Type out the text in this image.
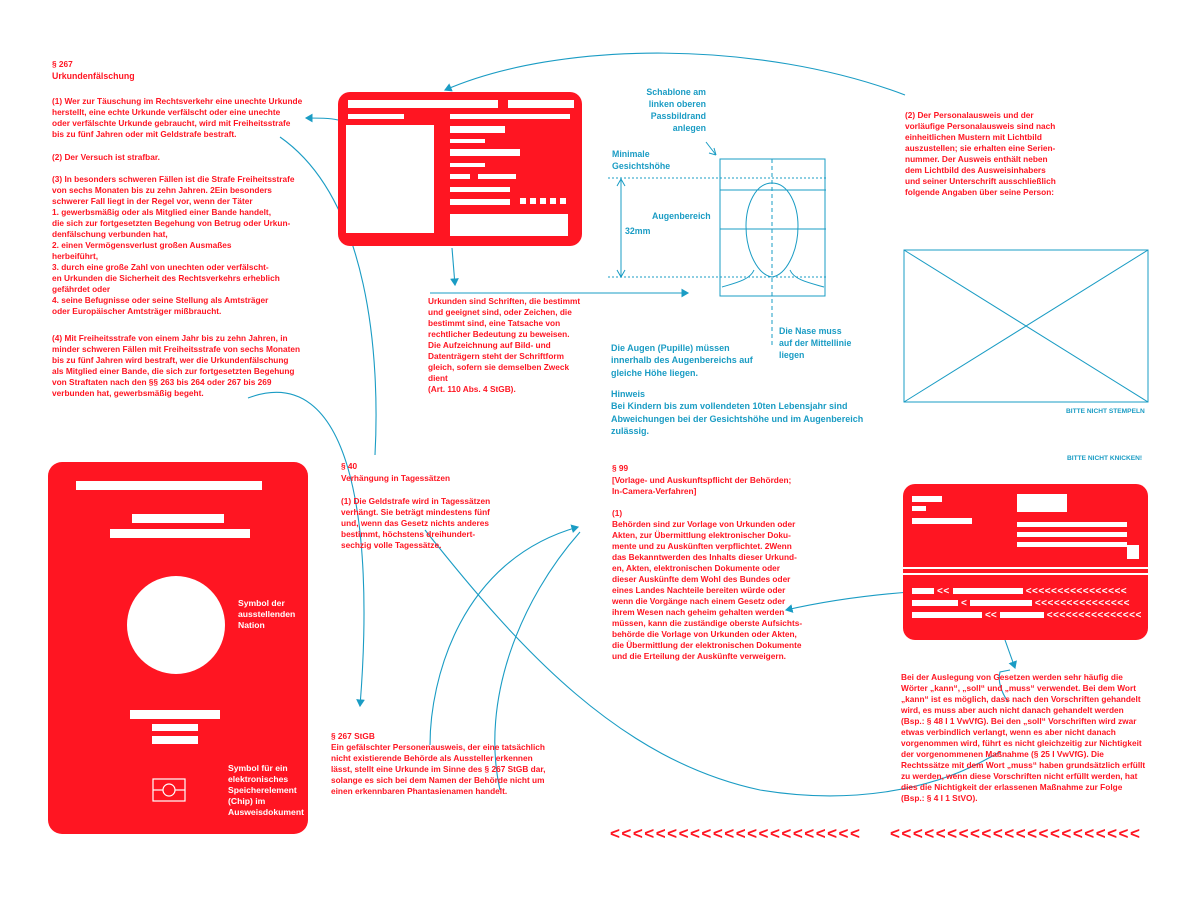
§ 267
Urkundenfälschung
(1) Wer zur Täuschung im Rechtsverkehr eine unechte Urkunde
herstellt, eine echte Urkunde verfälscht oder eine unechte
oder verfälschte Urkunde gebraucht, wird mit Freiheitsstrafe
bis zu fünf Jahren oder mit Geldstrafe bestraft.
(2) Der Versuch ist strafbar.
(3) In besonders schweren Fällen ist die Strafe Freiheitsstrafe
von sechs Monaten bis zu zehn Jahren. 2Ein besonders
schwerer Fall liegt in der Regel vor, wenn der Täter
1. gewerbsmäßig oder als Mitglied einer Bande handelt,
die sich zur fortgesetzten Begehung von Betrug oder Urkun-
denfälschung verbunden hat,
2. einen Vermögensverlust großen Ausmaßes
herbeiführt,
3. durch eine große Zahl von unechten oder verfälscht-
en Urkunden die Sicherheit des Rechtsverkehrs erheblich
gefährdet oder
4. seine Befugnisse oder seine Stellung als Amtsträger
oder Europäischer Amtsträger mißbraucht.
(4) Mit Freiheitsstrafe von einem Jahr bis zu zehn Jahren, in
minder schweren Fällen mit Freiheitsstrafe von sechs Monaten
bis zu fünf Jahren wird bestraft, wer die Urkundenfälschung
als Mitglied einer Bande, die sich zur fortgesetzten Begehung
von Straftaten nach den §§ 263 bis 264 oder 267 bis 269
verbunden hat, gewerbsmäßig begeht.
Urkunden sind Schriften, die bestimmt
und geeignet sind, oder Zeichen, die
bestimmt sind, eine Tatsache von
rechtlicher Bedeutung zu beweisen.
Die Aufzeichnung auf Bild- und
Datenträgern steht der Schriftform
gleich, sofern sie demselben Zweck
dient
(Art. 110 Abs. 4 StGB).
Schablone am
linken oberen
Passbildrand
anlegen
Minimale
Gesichtshöhe
Augenbereich
32mm
Die Nase muss
auf der Mittellinie
liegen
Die Augen (Pupille) müssen
innerhalb des Augenbereichs auf
gleiche Höhe liegen.
Hinweis
Bei Kindern bis zum vollendeten 10ten Lebensjahr sind
Abweichungen bei der Gesichtshöhe und im Augenbereich
zulässig.
(2) Der Personalausweis und der
vorläufige Personalausweis sind nach
einheitlichen Mustern mit Lichtbild
auszustellen; sie erhalten eine Serien-
nummer. Der Ausweis enthält neben
dem Lichtbild des Ausweisinhabers
und seiner Unterschrift ausschließlich
folgende Angaben über seine Person:
BITTE NICHT STEMPELN
BITTE NICHT KNICKEN!
Symbol der
ausstellenden
Nation
Symbol für ein
elektronisches
Speicherelement
(Chip) im
Ausweisdokument
§ 40
Verhängung in Tagessätzen
(1) Die Geldstrafe wird in Tagessätzen
verhängt. Sie beträgt mindestens fünf
und, wenn das Gesetz nichts anderes
bestimmt, höchstens dreihundert-
sechzig volle Tagessätze.
§ 99
[Vorlage- und Auskunftspflicht der Behörden;
In-Camera-Verfahren]
(1)
Behörden sind zur Vorlage von Urkunden oder
Akten, zur Übermittlung elektronischer Doku-
mente und zu Auskünften verpflichtet. 2Wenn
das Bekanntwerden des Inhalts dieser Urkund-
en, Akten, elektronischen Dokumente oder
dieser Auskünfte dem Wohl des Bundes oder
eines Landes Nachteile bereiten würde oder
wenn die Vorgänge nach einem Gesetz oder
ihrem Wesen nach geheim gehalten werden
müssen, kann die zuständige oberste Aufsichts-
behörde die Vorlage von Urkunden oder Akten,
die Übermittlung der elektronischen Dokumente
und die Erteilung der Auskünfte verweigern.
§ 267 StGB
Ein gefälschter Personenausweis, der eine tatsächlich
nicht existierende Behörde als Aussteller erkennen
lässt, stellt eine Urkunde im Sinne des § 267 StGB dar,
solange es sich bei dem Namen der Behörde nicht um
einen erkennbaren Phantasienamen handelt.
<<	<<<<<<<<<<<<<<<<
<	<<<<<<<<<<<<<<<
<<	<<<<<<<<<<<<<<<
Bei der Auslegung von Gesetzen werden sehr häufig die
Wörter „kann“, „soll“ und „muss“ verwendet. Bei dem Wort
„kann“ ist es möglich, dass nach den Vorschriften gehandelt
wird, es muss aber auch nicht danach gehandelt werden
(Bsp.: § 48 I 1 VwVfG). Bei den „soll“ Vorschriften wird zwar
etwas verbindlich verlangt, wenn es aber nicht danach
vorgenommen wird, führt es nicht gleichzeitig zur Nichtigkeit
der vorgenommenen Maßnahme (§ 25 I VwVfG). Die
Rechtssätze mit dem Wort „muss“ haben grundsätzlich erfüllt
zu werden, wenn diese Vorschriften nicht erfüllt werden, hat
dies die Nichtigkeit der erlassenen Maßnahme zur Folge
(Bsp.: § 4 I 1 StVO).
<<<<<<<<<<<<<<<<<<<<<< <<<<<<<<<<<<<<<<<<<<<<
